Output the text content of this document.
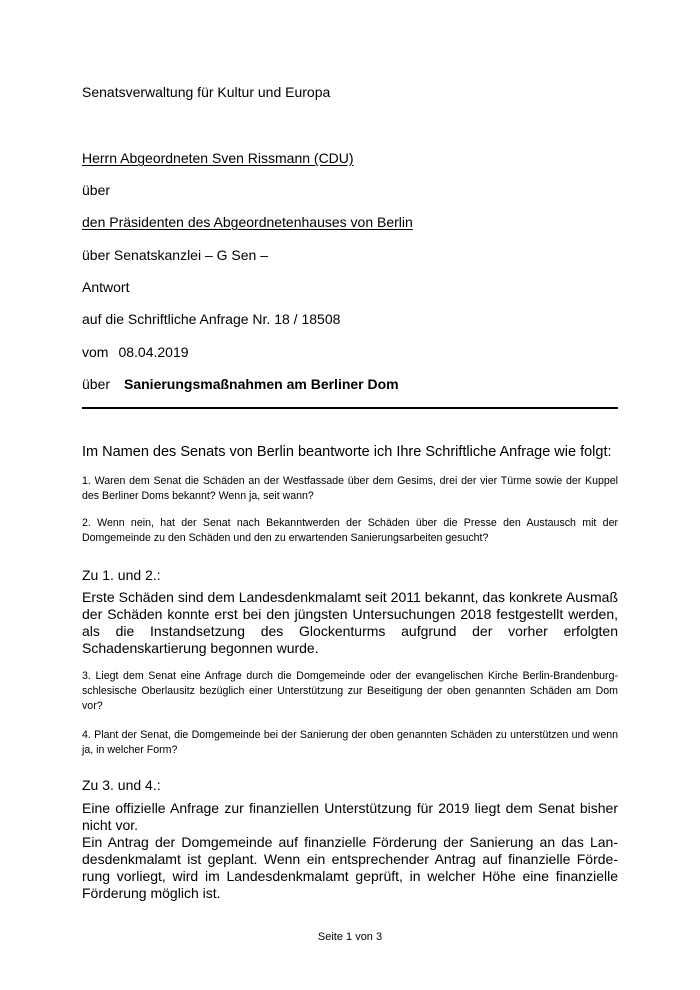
Senatsverwaltung für Kultur und Europa
Herrn Abgeordneten Sven Rissmann (CDU)
über
den Präsidenten des Abgeordnetenhauses von Berlin
über Senatskanzlei – G Sen –
Antwort
auf die Schriftliche Anfrage Nr. 18 / 18508
vom 08.04.2019
über Sanierungsmaßnahmen am Berliner Dom
Im Namen des Senats von Berlin beantworte ich Ihre Schriftliche Anfrage wie folgt:

1. Waren dem Senat die Schäden an der Westfassade über dem Gesims, drei der vier Türme sowie der Kuppel des Berliner Doms bekannt? Wenn ja, seit wann?

2. Wenn nein, hat der Senat nach Bekanntwerden der Schäden über die Presse den Austausch mit der Domgemeinde zu den Schäden und den zu erwartenden Sanierungsarbeiten gesucht?

Zu 1. und 2.:

Erste Schäden sind dem Landesdenkmalamt seit 2011 bekannt, das konkrete Ausmaß der Schäden konnte erst bei den jüngsten Untersuchungen 2018 festgestellt werden, als die Instandsetzung des Glockenturms aufgrund der vorher erfolgten Schadenskartierung begonnen wurde.

3. Liegt dem Senat eine Anfrage durch die Domgemeinde oder der evangelischen Kirche Berlin-Brandenburg-schlesische Oberlausitz bezüglich einer Unterstützung zur Beseitigung der oben genannten Schäden am Dom vor?

4. Plant der Senat, die Domgemeinde bei der Sanierung der oben genannten Schäden zu unterstützen und wenn ja, in welcher Form?

Zu 3. und 4.:

Eine offizielle Anfrage zur finanziellen Unterstützung für 2019 liegt dem Senat bisher nicht vor.

Ein Antrag der Domgemeinde auf finanzielle Förderung der Sanierung an das Landesdenkmalamt ist geplant. Wenn ein entsprechender Antrag auf finanzielle Förderung vorliegt, wird im Landesdenkmalamt geprüft, in welcher Höhe eine finanzielle Förderung möglich ist.

Seite 1 von 3
